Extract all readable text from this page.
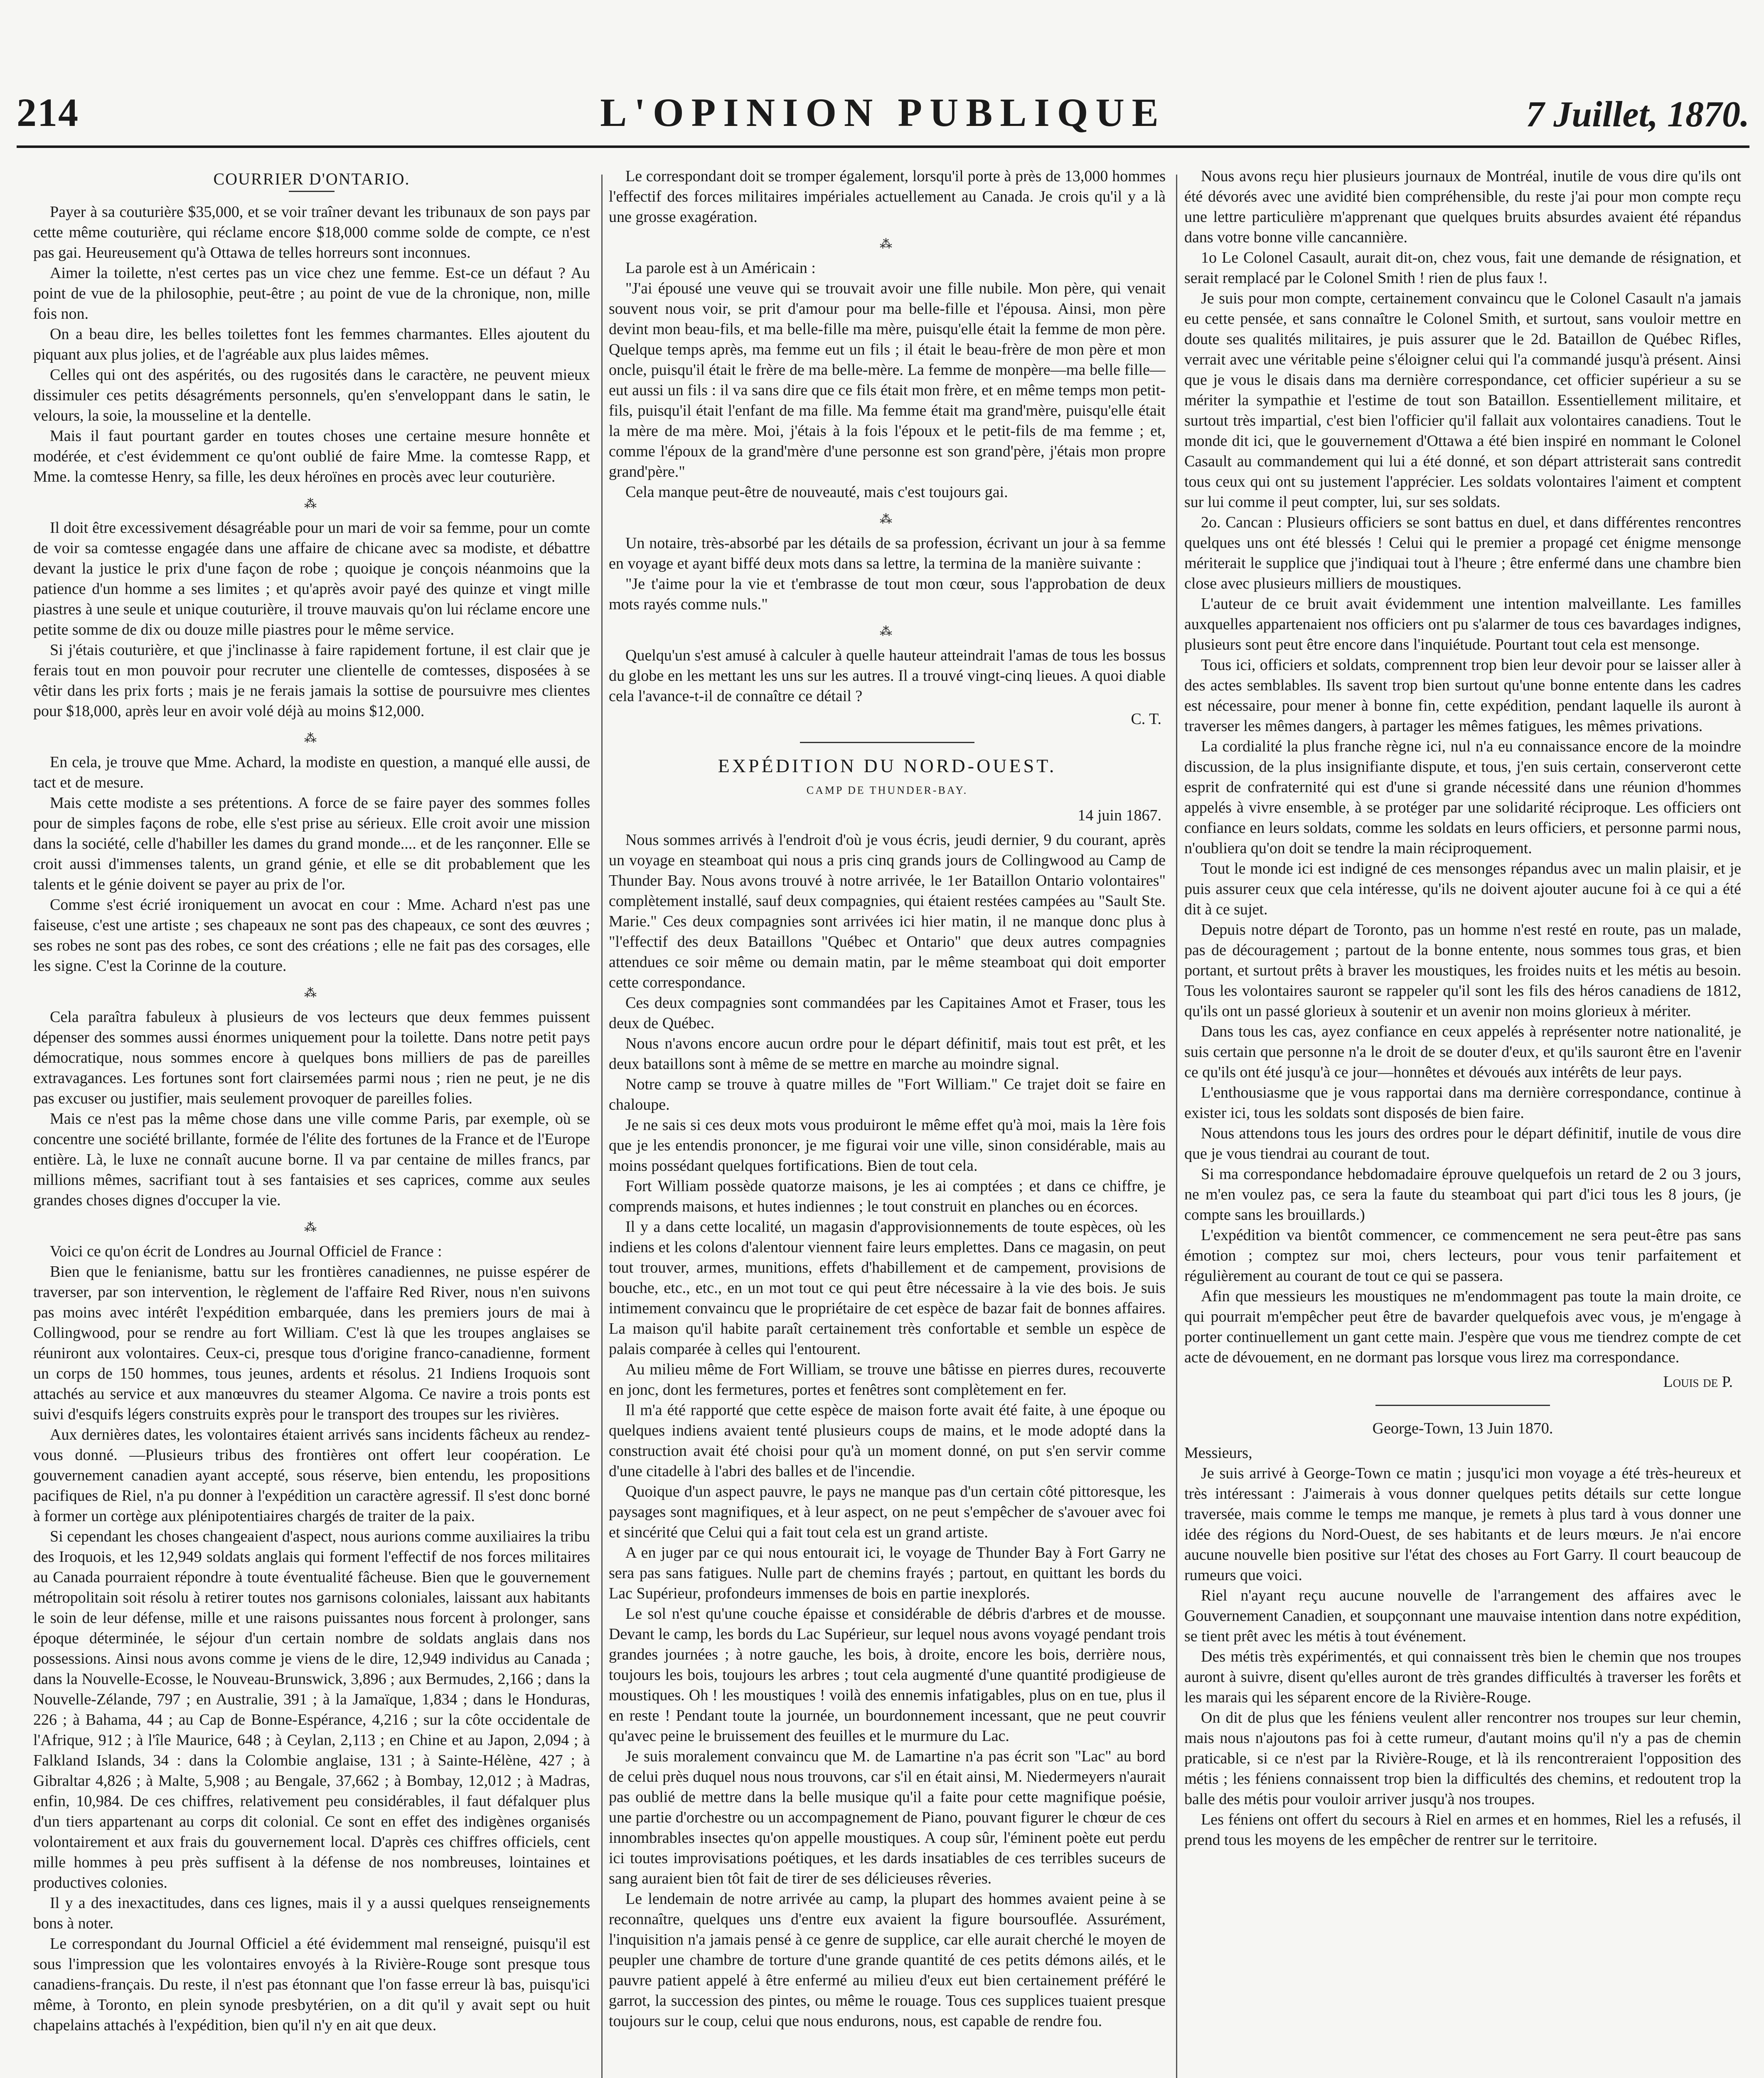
214	L'OPINION PUBLIQUE	7 Juillet, 1870.
COURRIER D'ONTARIO.

Payer à sa couturière $35,000, et se voir traîner devant les tribunaux de son pays par cette même couturière, qui réclame encore $18,000 comme solde de compte, ce n'est pas gai. Heureusement qu'à Ottawa de telles horreurs sont inconnues.

Aimer la toilette, n'est certes pas un vice chez une femme. Est-ce un défaut ? Au point de vue de la philosophie, peut-être ; au point de vue de la chronique, non, mille fois non.

On a beau dire, les belles toilettes font les femmes charmantes. Elles ajoutent du piquant aux plus jolies, et de l'agréable aux plus laides mêmes.

Celles qui ont des aspérités, ou des rugosités dans le caractère, ne peuvent mieux dissimuler ces petits désagréments personnels, qu'en s'enveloppant dans le satin, le velours, la soie, la mousseline et la dentelle.

Mais il faut pourtant garder en toutes choses une certaine mesure honnête et modérée, et c'est évidemment ce qu'ont oublié de faire Mme. la comtesse Rapp, et Mme. la comtesse Henry, sa fille, les deux héroïnes en procès avec leur couturière.

⁂

Il doit être excessivement désagréable pour un mari de voir sa femme, pour un comte de voir sa comtesse engagée dans une affaire de chicane avec sa modiste, et débattre devant la justice le prix d'une façon de robe ; quoique je conçois néanmoins que la patience d'un homme a ses limites ; et qu'après avoir payé des quinze et vingt mille piastres à une seule et unique couturière, il trouve mauvais qu'on lui réclame encore une petite somme de dix ou douze mille piastres pour le même service.

Si j'étais couturière, et que j'inclinasse à faire rapidement fortune, il est clair que je ferais tout en mon pouvoir pour recruter une clientelle de comtesses, disposées à se vêtir dans les prix forts ; mais je ne ferais jamais la sottise de poursuivre mes clientes pour $18,000, après leur en avoir volé déjà au moins $12,000.

⁂

En cela, je trouve que Mme. Achard, la modiste en question, a manqué elle aussi, de tact et de mesure.

Mais cette modiste a ses prétentions. A force de se faire payer des sommes folles pour de simples façons de robe, elle s'est prise au sérieux. Elle croit avoir une mission dans la société, celle d'habiller les dames du grand monde.... et de les rançonner. Elle se croit aussi d'immenses talents, un grand génie, et elle se dit probablement que les talents et le génie doivent se payer au prix de l'or.

Comme s'est écrié ironiquement un avocat en cour : Mme. Achard n'est pas une faiseuse, c'est une artiste ; ses chapeaux ne sont pas des chapeaux, ce sont des œuvres ; ses robes ne sont pas des robes, ce sont des créations ; elle ne fait pas des corsages, elle les signe. C'est la Corinne de la couture.

⁂

Cela paraîtra fabuleux à plusieurs de vos lecteurs que deux femmes puissent dépenser des sommes aussi énormes uniquement pour la toilette. Dans notre petit pays démocratique, nous sommes encore à quelques bons milliers de pas de pareilles extravagances. Les fortunes sont fort clairsemées parmi nous ; rien ne peut, je ne dis pas excuser ou justifier, mais seulement provoquer de pareilles folies.

Mais ce n'est pas la même chose dans une ville comme Paris, par exemple, où se concentre une société brillante, formée de l'élite des fortunes de la France et de l'Europe entière. Là, le luxe ne connaît aucune borne. Il va par centaine de milles francs, par millions mêmes, sacrifiant tout à ses fantaisies et ses caprices, comme aux seules grandes choses dignes d'occuper la vie.

⁂

Voici ce qu'on écrit de Londres au Journal Officiel de France :

Bien que le fenianisme, battu sur les frontières canadiennes, ne puisse espérer de traverser, par son intervention, le règlement de l'affaire Red River, nous n'en suivons pas moins avec intérêt l'expédition embarquée, dans les premiers jours de mai à Collingwood, pour se rendre au fort William. C'est là que les troupes anglaises se réuniront aux volontaires. Ceux-ci, presque tous d'origine franco-canadienne, forment un corps de 150 hommes, tous jeunes, ardents et résolus. 21 Indiens Iroquois sont attachés au service et aux manœuvres du steamer Algoma. Ce navire a trois ponts est suivi d'esquifs légers construits exprès pour le transport des troupes sur les rivières.

Aux dernières dates, les volontaires étaient arrivés sans incidents fâcheux au rendez-vous donné. —Plusieurs tribus des frontières ont offert leur coopération. Le gouvernement canadien ayant accepté, sous réserve, bien entendu, les propositions pacifiques de Riel, n'a pu donner à l'expédition un caractère agressif. Il s'est donc borné à former un cortège aux plénipotentiaires chargés de traiter de la paix.

Si cependant les choses changeaient d'aspect, nous aurions comme auxiliaires la tribu des Iroquois, et les 12,949 soldats anglais qui forment l'effectif de nos forces militaires au Canada pourraient répondre à toute éventualité fâcheuse. Bien que le gouvernement métropolitain soit résolu à retirer toutes nos garnisons coloniales, laissant aux habitants le soin de leur défense, mille et une raisons puissantes nous forcent à prolonger, sans époque déterminée, le séjour d'un certain nombre de soldats anglais dans nos possessions. Ainsi nous avons comme je viens de le dire, 12,949 individus au Canada ; dans la Nouvelle-Ecosse, le Nouveau-Brunswick, 3,896 ; aux Bermudes, 2,166 ; dans la Nouvelle-Zélande, 797 ; en Australie, 391 ; à la Jamaïque, 1,834 ; dans le Honduras, 226 ; à Bahama, 44 ; au Cap de Bonne-Espérance, 4,216 ; sur la côte occidentale de l'Afrique, 912 ; à l'île Maurice, 648 ; à Ceylan, 2,113 ; en Chine et au Japon, 2,094 ; à Falkland Islands, 34 : dans la Colombie anglaise, 131 ; à Sainte-Hélène, 427 ; à Gibraltar 4,826 ; à Malte, 5,908 ; au Bengale, 37,662 ; à Bombay, 12,012 ; à Madras, enfin, 10,984. De ces chiffres, relativement peu considérables, il faut défalquer plus d'un tiers appartenant au corps dit colonial. Ce sont en effet des indigènes organisés volontairement et aux frais du gouvernement local. D'après ces chiffres officiels, cent mille hommes à peu près suffisent à la défense de nos nombreuses, lointaines et productives colonies.

Il y a des inexactitudes, dans ces lignes, mais il y a aussi quelques renseignements bons à noter.

Le correspondant du Journal Officiel a été évidemment mal renseigné, puisqu'il est sous l'impression que les volontaires envoyés à la Rivière-Rouge sont presque tous canadiens-français. Du reste, il n'est pas étonnant que l'on fasse erreur là bas, puisqu'ici même, à Toronto, en plein synode presbytérien, on a dit qu'il y avait sept ou huit chapelains attachés à l'expédition, bien qu'il n'y en ait que deux.

Le correspondant doit se tromper également, lorsqu'il porte à près de 13,000 hommes l'effectif des forces militaires impériales actuellement au Canada. Je crois qu'il y a là une grosse exagération.

⁂

La parole est à un Américain :

"J'ai épousé une veuve qui se trouvait avoir une fille nubile. Mon père, qui venait souvent nous voir, se prit d'amour pour ma belle-fille et l'épousa. Ainsi, mon père devint mon beau-fils, et ma belle-fille ma mère, puisqu'elle était la femme de mon père. Quelque temps après, ma femme eut un fils ; il était le beau-frère de mon père et mon oncle, puisqu'il était le frère de ma belle-mère. La femme de monpère—ma belle fille—eut aussi un fils : il va sans dire que ce fils était mon frère, et en même temps mon petit-fils, puisqu'il était l'enfant de ma fille. Ma femme était ma grand'mère, puisqu'elle était la mère de ma mère. Moi, j'étais à la fois l'époux et le petit-fils de ma femme ; et, comme l'époux de la grand'mère d'une personne est son grand'père, j'étais mon propre grand'père."

Cela manque peut-être de nouveauté, mais c'est toujours gai.

⁂

Un notaire, très-absorbé par les détails de sa profession, écrivant un jour à sa femme en voyage et ayant biffé deux mots dans sa lettre, la termina de la manière suivante :

"Je t'aime pour la vie et t'embrasse de tout mon cœur, sous l'approbation de deux mots rayés comme nuls."

⁂

Quelqu'un s'est amusé à calculer à quelle hauteur atteindrait l'amas de tous les bossus du globe en les mettant les uns sur les autres. Il a trouvé vingt-cinq lieues. A quoi diable cela l'avance-t-il de connaître ce détail ?

C. T.
EXPÉDITION DU NORD-OUEST.
CAMP DE THUNDER-BAY.
14 juin 1867.

Nous sommes arrivés à l'endroit d'où je vous écris, jeudi dernier, 9 du courant, après un voyage en steamboat qui nous a pris cinq grands jours de Collingwood au Camp de Thunder Bay. Nous avons trouvé à notre arrivée, le 1er Bataillon Ontario volontaires" complètement installé, sauf deux compagnies, qui étaient restées campées au "Sault Ste. Marie." Ces deux compagnies sont arrivées ici hier matin, il ne manque donc plus à "l'effectif des deux Bataillons "Québec et Ontario" que deux autres compagnies attendues ce soir même ou demain matin, par le même steamboat qui doit emporter cette correspondance.

Ces deux compagnies sont commandées par les Capitaines Amot et Fraser, tous les deux de Québec.

Nous n'avons encore aucun ordre pour le départ définitif, mais tout est prêt, et les deux bataillons sont à même de se mettre en marche au moindre signal.

Notre camp se trouve à quatre milles de "Fort William." Ce trajet doit se faire en chaloupe.

Je ne sais si ces deux mots vous produiront le même effet qu'à moi, mais la 1ère fois que je les entendis prononcer, je me figurai voir une ville, sinon considérable, mais au moins possédant quelques fortifications. Bien de tout cela.

Fort William possède quatorze maisons, je les ai comptées ; et dans ce chiffre, je comprends maisons, et hutes indiennes ; le tout construit en planches ou en écorces.

Il y a dans cette localité, un magasin d'approvisionnements de toute espèces, où les indiens et les colons d'alentour viennent faire leurs emplettes. Dans ce magasin, on peut tout trouver, armes, munitions, effets d'habillement et de campement, provisions de bouche, etc., etc., en un mot tout ce qui peut être nécessaire à la vie des bois. Je suis intimement convaincu que le propriétaire de cet espèce de bazar fait de bonnes affaires. La maison qu'il habite paraît certainement très confortable et semble un espèce de palais comparée à celles qui l'entourent.

Au milieu même de Fort William, se trouve une bâtisse en pierres dures, recouverte en jonc, dont les fermetures, portes et fenêtres sont complètement en fer.

Il m'a été rapporté que cette espèce de maison forte avait été faite, à une époque ou quelques indiens avaient tenté plusieurs coups de mains, et le mode adopté dans la construction avait été choisi pour qu'à un moment donné, on put s'en servir comme d'une citadelle à l'abri des balles et de l'incendie.

Quoique d'un aspect pauvre, le pays ne manque pas d'un certain côté pittoresque, les paysages sont magnifiques, et à leur aspect, on ne peut s'empêcher de s'avouer avec foi et sincérité que Celui qui a fait tout cela est un grand artiste.

A en juger par ce qui nous entourait ici, le voyage de Thunder Bay à Fort Garry ne sera pas sans fatigues. Nulle part de chemins frayés ; partout, en quittant les bords du Lac Supérieur, profondeurs immenses de bois en partie inexplorés.

Le sol n'est qu'une couche épaisse et considérable de débris d'arbres et de mousse. Devant le camp, les bords du Lac Supérieur, sur lequel nous avons voyagé pendant trois grandes journées ; à notre gauche, les bois, à droite, encore les bois, derrière nous, toujours les bois, toujours les arbres ; tout cela augmenté d'une quantité prodigieuse de moustiques. Oh ! les moustiques ! voilà des ennemis infatigables, plus on en tue, plus il en reste ! Pendant toute la journée, un bourdonnement incessant, que ne peut couvrir qu'avec peine le bruissement des feuilles et le murmure du Lac.

Je suis moralement convaincu que M. de Lamartine n'a pas écrit son "Lac" au bord de celui près duquel nous nous trouvons, car s'il en était ainsi, M. Niedermeyers n'aurait pas oublié de mettre dans la belle musique qu'il a faite pour cette magnifique poésie, une partie d'orchestre ou un accompagnement de Piano, pouvant figurer le chœur de ces innombrables insectes qu'on appelle moustiques. A coup sûr, l'éminent poète eut perdu ici toutes improvisations poétiques, et les dards insatiables de ces terribles suceurs de sang auraient bien tôt fait de tirer de ses délicieuses rêveries.

Le lendemain de notre arrivée au camp, la plupart des hommes avaient peine à se reconnaître, quelques uns d'entre eux avaient la figure boursouflée. Assurément, l'inquisition n'a jamais pensé à ce genre de supplice, car elle aurait cherché le moyen de peupler une chambre de torture d'une grande quantité de ces petits démons ailés, et le pauvre patient appelé à être enfermé au milieu d'eux eut bien certainement préféré le garrot, la succession des pintes, ou même le rouage. Tous ces supplices tuaient presque toujours sur le coup, celui que nous endurons, nous, est capable de rendre fou.

Nous avons reçu hier plusieurs journaux de Montréal, inutile de vous dire qu'ils ont été dévorés avec une avidité bien compréhensible, du reste j'ai pour mon compte reçu une lettre particulière m'apprenant que quelques bruits absurdes avaient été répandus dans votre bonne ville cancannière.

1o Le Colonel Casault, aurait dit-on, chez vous, fait une demande de résignation, et serait remplacé par le Colonel Smith ! rien de plus faux !.

Je suis pour mon compte, certainement convaincu que le Colonel Casault n'a jamais eu cette pensée, et sans connaître le Colonel Smith, et surtout, sans vouloir mettre en doute ses qualités militaires, je puis assurer que le 2d. Bataillon de Québec Rifles, verrait avec une véritable peine s'éloigner celui qui l'a commandé jusqu'à présent. Ainsi que je vous le disais dans ma dernière correspondance, cet officier supérieur a su se mériter la sympathie et l'estime de tout son Bataillon. Essentiellement militaire, et surtout très impartial, c'est bien l'officier qu'il fallait aux volontaires canadiens. Tout le monde dit ici, que le gouvernement d'Ottawa a été bien inspiré en nommant le Colonel Casault au commandement qui lui a été donné, et son départ attristerait sans contredit tous ceux qui ont su justement l'apprécier. Les soldats volontaires l'aiment et comptent sur lui comme il peut compter, lui, sur ses soldats.

2o. Cancan : Plusieurs officiers se sont battus en duel, et dans différentes rencontres quelques uns ont été blessés ! Celui qui le premier a propagé cet énigme mensonge mériterait le supplice que j'indiquai tout à l'heure ; être enfermé dans une chambre bien close avec plusieurs milliers de moustiques.

L'auteur de ce bruit avait évidemment une intention malveillante. Les familles auxquelles appartenaient nos officiers ont pu s'alarmer de tous ces bavardages indignes, plusieurs sont peut être encore dans l'inquiétude. Pourtant tout cela est mensonge.

Tous ici, officiers et soldats, comprennent trop bien leur devoir pour se laisser aller à des actes semblables. Ils savent trop bien surtout qu'une bonne entente dans les cadres est nécessaire, pour mener à bonne fin, cette expédition, pendant laquelle ils auront à traverser les mêmes dangers, à partager les mêmes fatigues, les mêmes privations.

La cordialité la plus franche règne ici, nul n'a eu connaissance encore de la moindre discussion, de la plus insignifiante dispute, et tous, j'en suis certain, conserveront cette esprit de confraternité qui est d'une si grande nécessité dans une réunion d'hommes appelés à vivre ensemble, à se protéger par une solidarité réciproque. Les officiers ont confiance en leurs soldats, comme les soldats en leurs officiers, et personne parmi nous, n'oubliera qu'on doit se tendre la main réciproquement.

Tout le monde ici est indigné de ces mensonges répandus avec un malin plaisir, et je puis assurer ceux que cela intéresse, qu'ils ne doivent ajouter aucune foi à ce qui a été dit à ce sujet.

Depuis notre départ de Toronto, pas un homme n'est resté en route, pas un malade, pas de découragement ; partout de la bonne entente, nous sommes tous gras, et bien portant, et surtout prêts à braver les moustiques, les froides nuits et les métis au besoin. Tous les volontaires sauront se rappeler qu'il sont les fils des héros canadiens de 1812, qu'ils ont un passé glorieux à soutenir et un avenir non moins glorieux à mériter.

Dans tous les cas, ayez confiance en ceux appelés à représenter notre nationalité, je suis certain que personne n'a le droit de se douter d'eux, et qu'ils sauront être en l'avenir ce qu'ils ont été jusqu'à ce jour—honnêtes et dévoués aux intérêts de leur pays.

L'enthousiasme que je vous rapportai dans ma dernière correspondance, continue à exister ici, tous les soldats sont disposés de bien faire.

Nous attendons tous les jours des ordres pour le départ définitif, inutile de vous dire que je vous tiendrai au courant de tout.

Si ma correspondance hebdomadaire éprouve quelquefois un retard de 2 ou 3 jours, ne m'en voulez pas, ce sera la faute du steamboat qui part d'ici tous les 8 jours, (je compte sans les brouillards.)

L'expédition va bientôt commencer, ce commencement ne sera peut-être pas sans émotion ; comptez sur moi, chers lecteurs, pour vous tenir parfaitement et régulièrement au courant de tout ce qui se passera.

Afin que messieurs les moustiques ne m'endommagent pas toute la main droite, ce qui pourrait m'empêcher peut être de bavarder quelquefois avec vous, je m'engage à porter continuellement un gant cette main. J'espère que vous me tiendrez compte de cet acte de dévouement, en ne dormant pas lorsque vous lirez ma correspondance.

Louis de P.
George-Town, 13 Juin 1870.

Messieurs,

Je suis arrivé à George-Town ce matin ; jusqu'ici mon voyage a été très-heureux et très intéressant : J'aimerais à vous donner quelques petits détails sur cette longue traversée, mais comme le temps me manque, je remets à plus tard à vous donner une idée des régions du Nord-Ouest, de ses habitants et de leurs mœurs. Je n'ai encore aucune nouvelle bien positive sur l'état des choses au Fort Garry. Il court beaucoup de rumeurs que voici.

Riel n'ayant reçu aucune nouvelle de l'arrangement des affaires avec le Gouvernement Canadien, et soupçonnant une mauvaise intention dans notre expédition, se tient prêt avec les métis à tout événement.

Des métis très expérimentés, et qui connaissent très bien le chemin que nos troupes auront à suivre, disent qu'elles auront de très grandes difficultés à traverser les forêts et les marais qui les séparent encore de la Rivière-Rouge.

On dit de plus que les féniens veulent aller rencontrer nos troupes sur leur chemin, mais nous n'ajoutons pas foi à cette rumeur, d'autant moins qu'il n'y a pas de chemin praticable, si ce n'est par la Rivière-Rouge, et là ils rencontreraient l'opposition des métis ; les féniens connaissent trop bien la difficultés des chemins, et redoutent trop la balle des métis pour vouloir arriver jusqu'à nos troupes.

Les féniens ont offert du secours à Riel en armes et en hommes, Riel les a refusés, il prend tous les moyens de les empêcher de rentrer sur le territoire.
